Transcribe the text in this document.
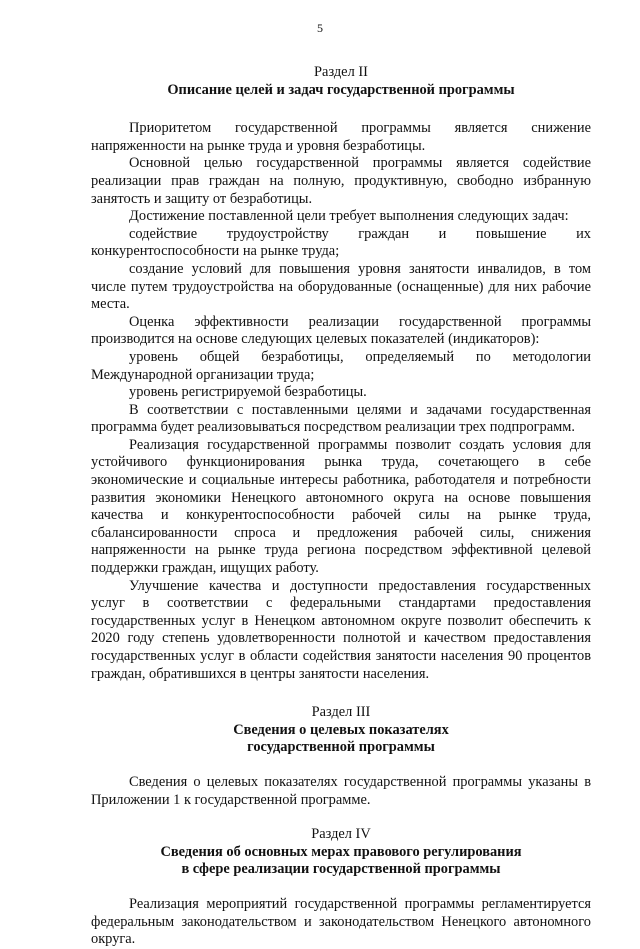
5

Раздел II

Описание целей и задач государственной программы

Приоритетом государственной программы является снижение напряженности на рынке труда и уровня безработицы.

Основной целью государственной программы является содействие реализации прав граждан на полную, продуктивную, свободно избранную занятость и защиту от безработицы.

Достижение поставленной цели требует выполнения следующих задач:

содействие трудоустройству граждан и повышение их конкурентоспособности на рынке труда;

создание условий для повышения уровня занятости инвалидов, в том числе путем трудоустройства на оборудованные (оснащенные) для них рабочие места.

Оценка эффективности реализации государственной программы производится на основе следующих целевых показателей (индикаторов):

уровень общей безработицы, определяемый по методологии Международной организации труда;

уровень регистрируемой безработицы.

В соответствии с поставленными целями и задачами государственная программа будет реализовываться посредством реализации трех подпрограмм.

Реализация государственной программы позволит создать условия для устойчивого функционирования рынка труда, сочетающего в себе экономические и социальные интересы работника, работодателя и потребности развития экономики Ненецкого автономного округа на основе повышения качества и конкурентоспособности рабочей силы на рынке труда, сбалансированности спроса и предложения рабочей силы, снижения напряженности на рынке труда региона посредством эффективной целевой поддержки граждан, ищущих работу.

Улучшение качества и доступности предоставления государственных услуг в соответствии с федеральными стандартами предоставления государственных услуг в Ненецком автономном округе позволит обеспечить к 2020 году степень удовлетворенности полнотой и качеством предоставления государственных услуг в области содействия занятости населения 90 процентов граждан, обратившихся в центры занятости населения.

Раздел III

Сведения о целевых показателях

государственной программы

Сведения о целевых показателях государственной программы указаны в Приложении 1 к государственной программе.

Раздел IV

Сведения об основных мерах правового регулирования

в сфере реализации государственной программы

Реализация мероприятий государственной программы регламентируется федеральным законодательством и законодательством Ненецкого автономного округа.
